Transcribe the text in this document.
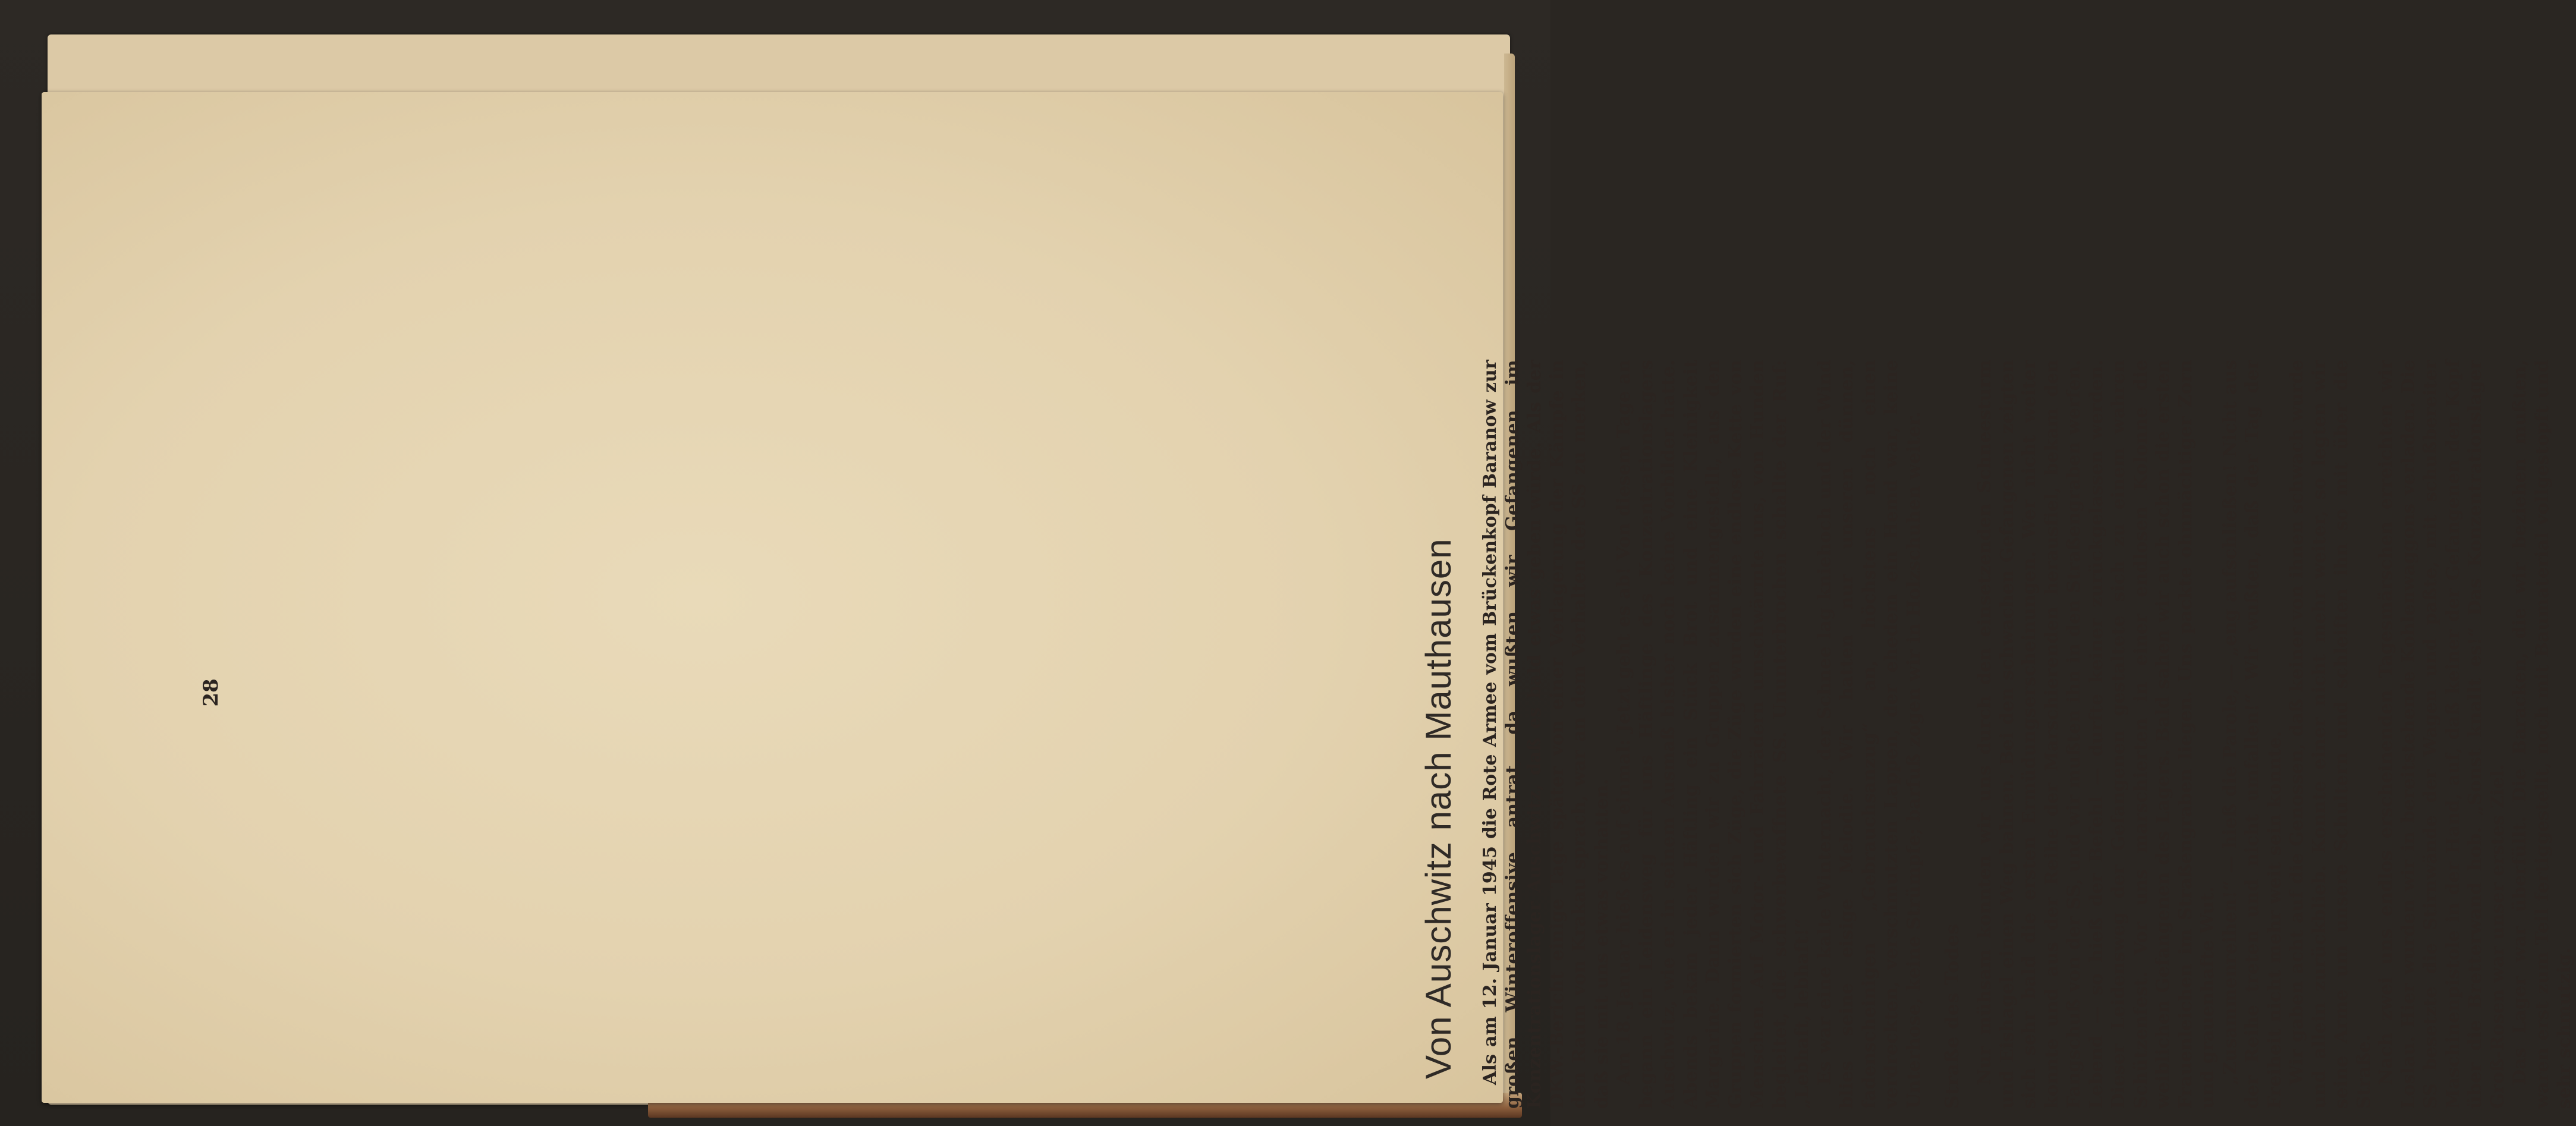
Von Auschwitz nach Mauthausen Als am 12. Januar 1945 die Rote Armee vom Brückenkopf Baranow zur großen Winteroffensive antrat, da wußten wir Gefangenen im Konzentrationslager Auschwitz, daß es bald etwas geben würde. Als der DKW.-Bericht einige Tage später von einer Verlagerung der Kämpfe in den Raum von Krakau sprach, war an dem Verhalten der SS zu merken, daß sie mit uns etwas vorhatten. Am 18. Januar hieß es auf einmal: Jetzt geht es ab! Von diesem Tage an begann ein Leidensweg für uns Häftlinge des Konzentrationslagers Auschwitz, wie er in seinem Ausmaß bisher noch keine Vorbilder hatte. Abends bekam jeder Häftling ein Stück Brot und eine Kleinigkeit Margarine. Dann wurden wir zu Gruppen zusammengestellt, aus den Gruppen formierten sich Züge, die Züge wurden eine endlose Kette von Menschen. Auf Motor- und Fahrrädern umschwärmte uns, von Hunden begleitet, die schwerbewaffnete SS. Ununterbrochen schallte der Ruf: „Lebhaft, lebhaft!“ Es war eine kalte Winternacht, der Schnee lag kniehoch und der Wind blies seine eisige Melodie. Wir hatten nur unseren dünnen, fadenscheinigen „Gebrauchsanzug“ an, höchstens noch einen verdreckten, verschmutzten Lappen, der ehedem ein Hemd war, keine Unterhose, keine Strümpfe; barfuß zogen wir in Holzschuhen weiter. Straße des Todes Nur mühsam konnten wir uns durch den einsetzenden Schneesturm und Eishagel einen Weg bahnen. Bei den schwachen Gefangenen zeigten sich sehr bald die ersten Ermüdungserscheinungen. Wer nicht weiter konnte und aus der Reihe der Marschierenden herausfiel, bekam den Fangschuß von der SS, und wir mußten ihn in den Straßengraben werfen. Lebend — so hieß der Befehl — durfte keiner zurückgelassen werden. Dieser Leidensweg der Gefangenen gestaltete sich zu einem wahren Schützenfest. Vor uns marschierten in einer endlosen Kolonne die weiblichen Gefangenen des Lagers. Bald sahen wir auch schon die ersten Frauenleichen im Straßengraben liegen. Uns packte ohnmächtiger Zorn und grauenhafte Wut. „Zusammenreihen!“ — hieß die Parole, — „eng aufschließen! Nicht aus der Reihe treten und nicht umfallen!“ Wir wußten, daß der Tag der Freiheit nicht mehr weit sein konnte. Wir gaben acht auf die Genossen, daß keiner von ihnen schwach wurde und allein zurückblieb. Konnte einer nicht mehr weiter, so legten wir seine Arme um unsere Schultern und schleiften ihn so mit über die Straße. Nach zwei uns endlos erscheinenden Tagesmärschen erreichten wir Loslau. Hier wurden wir in bereitstehende Kohlenwaggons verladen. Die SS besetzte die Stirnwände der Wagen und paßte, mit schußbereiter Maschinenpistole in der Hand, auf, daß keiner der Gefangenen den Kopf über die Bretterwand hob. „Sonst knallt es!“ Das Konzentrationslager Groß-Rosen war unser erstes Ziel. Das Lager war überfüllt. Die Baracken, die wir beziehen mußten, waren erst zum Teil fertiggestellt, noch mit Baumaterial vollgestopft und sehr schmutzig.

28
